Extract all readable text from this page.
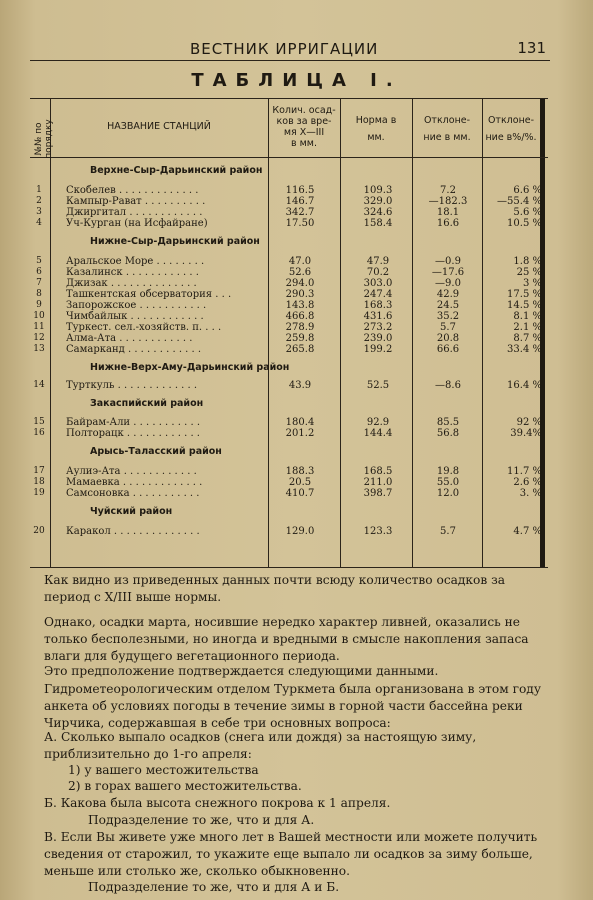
ВЕСТНИК ИРРИГАЦИИ	131
ТАБЛИЦА I.
№№ по порядку	НАЗВАНИЕ СТАНЦИЙ
Колич. осад-
ков за вре-
мя X—III
в мм.
Норма в
мм.
Отклоне-
ние в мм.
Отклоне-
ние в%/%.
Верхне-Сыр-Дарьинский район
1	Скобелев . . . . . . . . . . . . .	116.5	109.3	7.2	6.6 %
2	Кампыр-Рават . . . . . . . . . .	146.7	329.0	—182.3	—55.4 %
3	Джиргитал . . . . . . . . . . . .	342.7	324.6	18.1	5.6 %
4	Уч-Курган (на Исфайране)	17.50	158.4	16.6	10.5 %
Нижне-Сыр-Дарьинский район
5	Аральское Море . . . . . . . .	47.0	47.9	—0.9	1.8 %
6	Казалинск . . . . . . . . . . . .	52.6	70.2	—17.6	25 %
7	Джизак . . . . . . . . . . . . . .	294.0	303.0	—9.0	3 %
8	Ташкентская обсерватория . . .	290.3	247.4	42.9	17.5 %
9	Запорожское . . . . . . . . . . .	143.8	168.3	24.5	14.5 %
10 Чимбайлык . . . . . . . . . . . .	466.8	431.6	35.2	8.1 %
11 Туркест. сел.-хозяйств. п. . . .	278.9	273.2	5.7	2.1 %
12 Алма-Ата . . . . . . . . . . . .	259.8	239.0	20.8	8.7 %
13 Самарканд . . . . . . . . . . . .	265.8	199.2	66.6	33.4 %
Нижне-Верх-Аму-Дарьинский район
14 Турткуль . . . . . . . . . . . . .	43.9	52.5	—8.6	16.4 %
Закаспийский район
15 Байрам-Али . . . . . . . . . . .	180.4	92.9	85.5	92 %
16 Полторацк . . . . . . . . . . . .	201.2	144.4	56.8	39.4%
Арысь-Таласский район
17 Аулиэ-Ата . . . . . . . . . . . .	188.3	168.5	19.8	11.7 %
18 Мамаевка . . . . . . . . . . . . .	20.5	211.0	55.0	2.6 %
19 Самсоновка . . . . . . . . . . .	410.7	398.7	12.0	3. %
Чуйский район
20 Каракол . . . . . . . . . . . . . .	129.0	123.3	5.7	4.7 %
Как видно из приведенных данных почти всюду количество осадков за период с X/III выше нормы.
Однако, осадки марта, носившие нередко характер ливней, оказались не только бесполезными, но иногда и вредными в смысле накопления запаса влаги для будущего вегетационного периода.
Это предположение подтверждается следующими данными.
Гидрометеорологическим отделом Туркмета была организована в этом году анкета об условиях погоды в течение зимы в горной части бассейна реки Чирчика, содержавшая в себе три основных вопроса:
А. Сколько выпало осадков (снега или дождя) за настоящую зиму, приблизительно до 1-го апреля:
1) у вашего местожительства
2) в горах вашего местожительства.
Б. Какова была высота снежного покрова к 1 апреля.
Подразделение то же, что и для А.
В. Если Вы живете уже много лет в Вашей местности или можете получить сведения от старожил, то укажите еще выпало ли осадков за зиму больше, меньше или столько же, сколько обыкновенно.
Подразделение то же, что и для А и Б.
